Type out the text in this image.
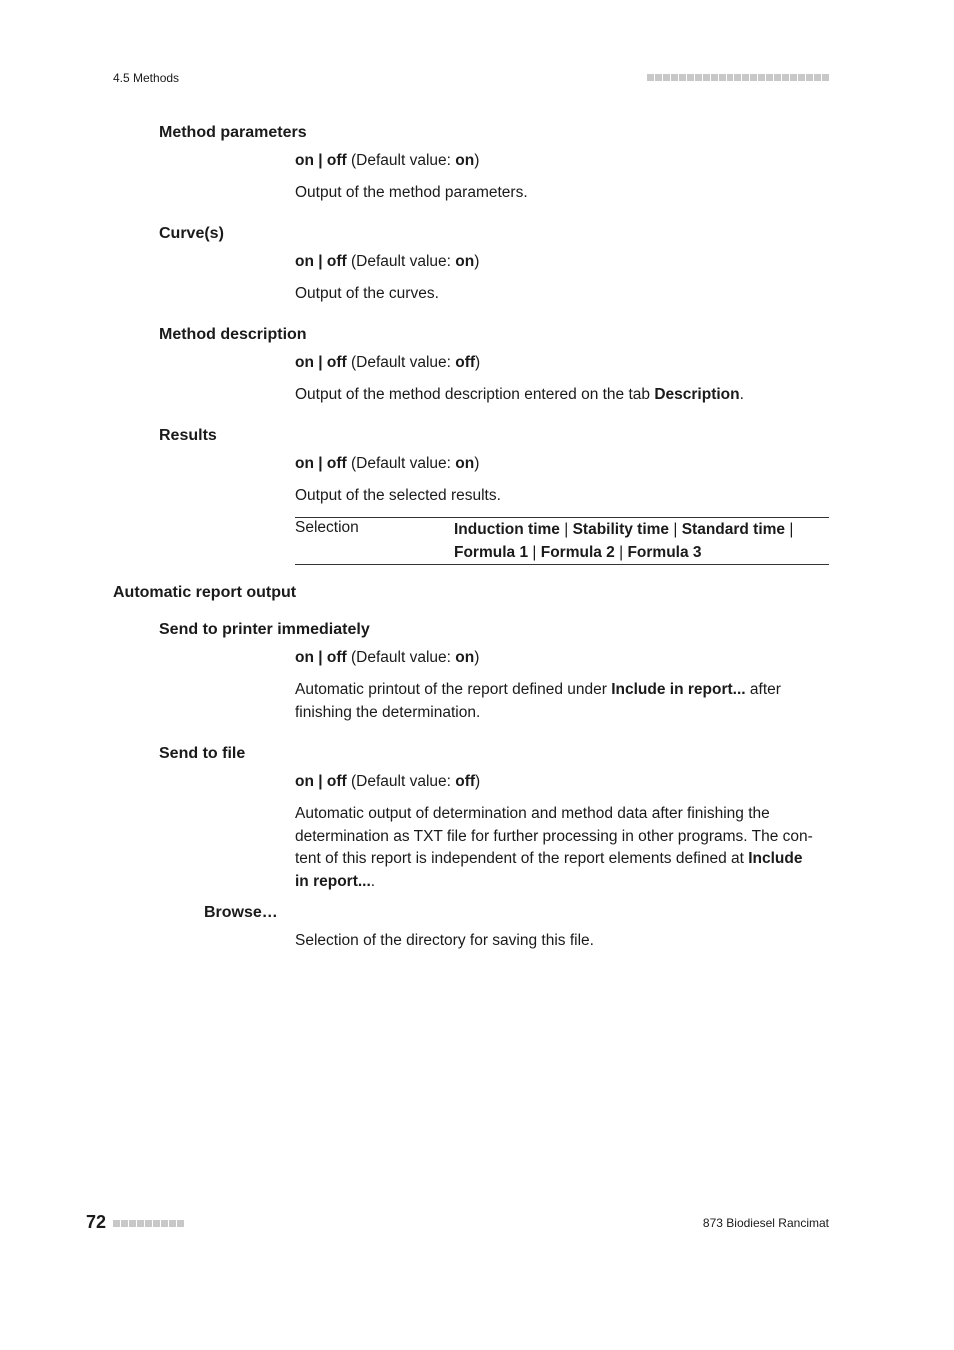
4.5 Methods
Method parameters
on | off (Default value: on)
Output of the method parameters.
Curve(s)
on | off (Default value: on)
Output of the curves.
Method description
on | off (Default value: off)
Output of the method description entered on the tab Description.
Results
on | off (Default value: on)
Output of the selected results.
Selection	Induction time | Stability time | Standard time |
Formula 1 | Formula 2 | Formula 3
Automatic report output
Send to printer immediately
on | off (Default value: on)
Automatic printout of the report defined under Include in report... after
finishing the determination.
Send to file
on | off (Default value: off)
Automatic output of determination and method data after finishing the
determination as TXT file for further processing in other programs. The con-
tent of this report is independent of the report elements defined at Include
in report....
Browse…
Selection of the directory for saving this file.
72	873 Biodiesel Rancimat
